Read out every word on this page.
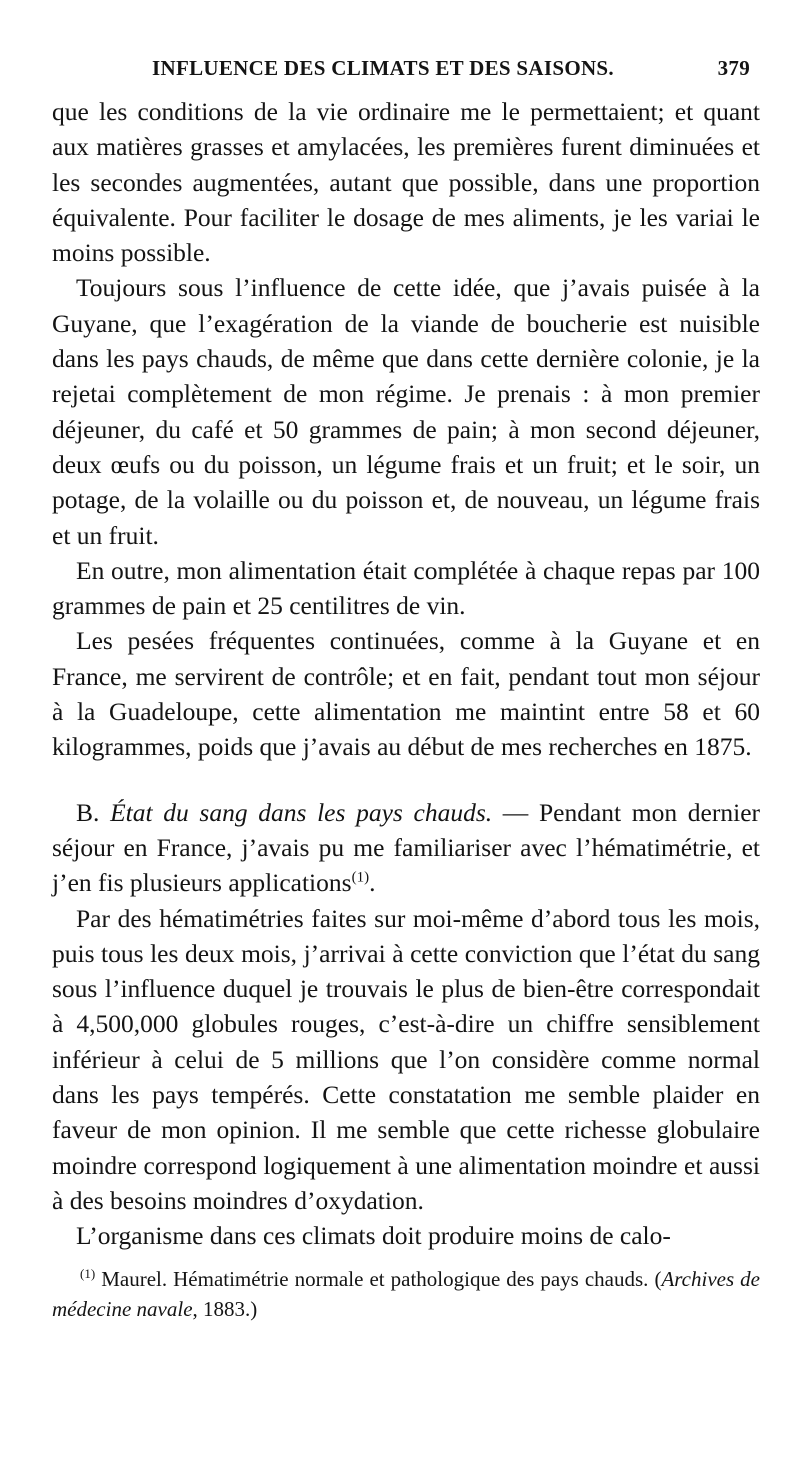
INFLUENCE DES CLIMATS ET DES SAISONS.	379

que les conditions de la vie ordinaire me le permettaient; et quant aux matières grasses et amylacées, les premières furent diminuées et les secondes augmentées, autant que possible, dans une proportion équivalente. Pour faciliter le dosage de mes aliments, je les variai le moins possible.

Toujours sous l’influence de cette idée, que j’avais puisée à la Guyane, que l’exagération de la viande de boucherie est nuisible dans les pays chauds, de même que dans cette dernière colonie, je la rejetai complètement de mon régime. Je prenais : à mon premier déjeuner, du café et 50 grammes de pain; à mon second déjeuner, deux œufs ou du poisson, un légume frais et un fruit; et le soir, un potage, de la volaille ou du poisson et, de nouveau, un légume frais et un fruit.

En outre, mon alimentation était complétée à chaque repas par 100 grammes de pain et 25 centilitres de vin.

Les pesées fréquentes continuées, comme à la Guyane et en France, me servirent de contrôle; et en fait, pendant tout mon séjour à la Guadeloupe, cette alimentation me maintint entre 58 et 60 kilogrammes, poids que j’avais au début de mes recherches en 1875.

B. État du sang dans les pays chauds. — Pendant mon dernier séjour en France, j’avais pu me familiariser avec l’hématimétrie, et j’en fis plusieurs applications$^{(1)}$.

Par des hématimétries faites sur moi-même d’abord tous les mois, puis tous les deux mois, j’arrivai à cette conviction que l’état du sang sous l’influence duquel je trouvais le plus de bien-être correspondait à 4,500,000 globules rouges, c’est-à-dire un chiffre sensiblement inférieur à celui de 5 millions que l’on considère comme normal dans les pays tempérés. Cette constatation me semble plaider en faveur de mon opinion. Il me semble que cette richesse globulaire moindre correspond logiquement à une alimentation moindre et aussi à des besoins moindres d’oxydation.

L’organisme dans ces climats doit produire moins de calo-

$^{(1)}$ Maurel. Hématimétrie normale et pathologique des pays chauds. (Archives de médecine navale, 1883.)
